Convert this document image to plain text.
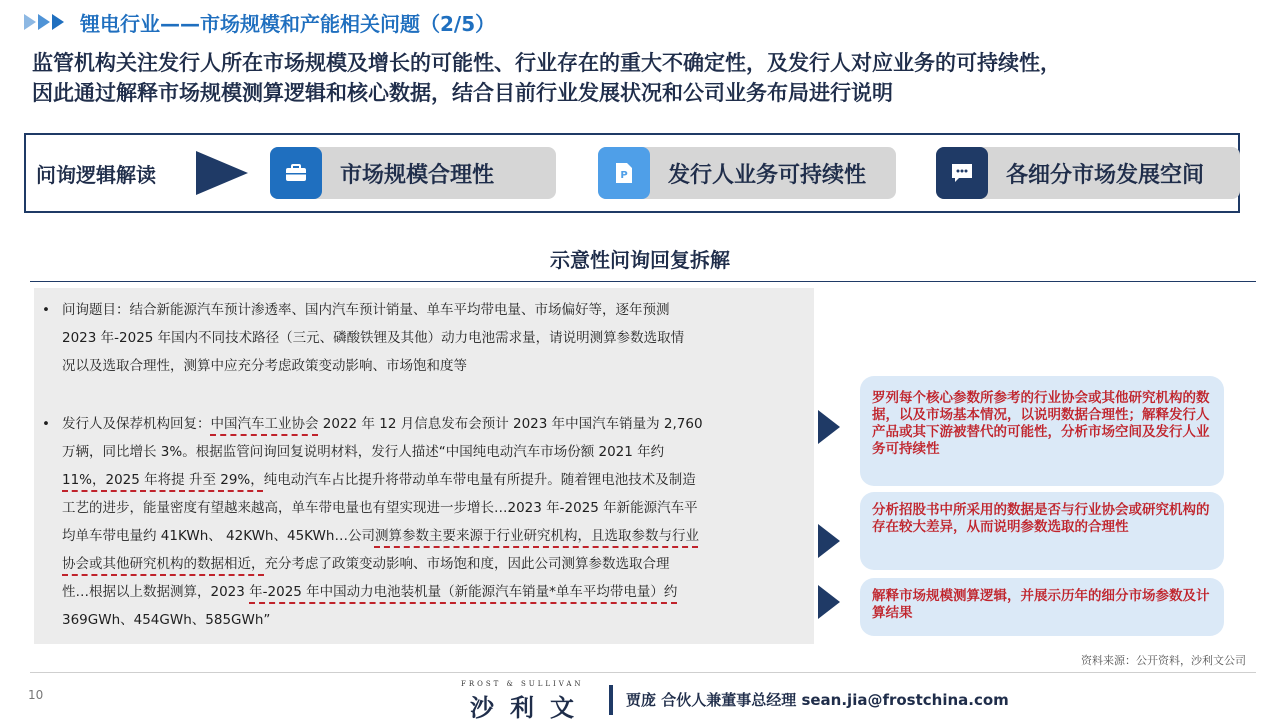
锂电行业——市场规模和产能相关问题（2/5）
监管机构关注发行人所在市场规模及增长的可能性、行业存在的重大不确定性，及发行人对应业务的可持续性，
因此通过解释市场规模测算逻辑和核心数据，结合目前行业发展状况和公司业务布局进行说明
问询逻辑解读	市场规模合理性	P 发行人业务可持续性	各细分市场发展空间
示意性问询回复拆解
• 问询题目：结合新能源汽车预计渗透率、国内汽车预计销量、单车平均带电量、市场偏好等，逐年预测
2023 年-2025 年国内不同技术路径（三元、磷酸铁锂及其他）动力电池需求量，请说明测算参数选取情
况以及选取合理性，测算中应充分考虑政策变动影响、市场饱和度等
• 发行人及保荐机构回复：中国汽车工业协会 2022 年 12 月信息发布会预计 2023 年中国汽车销量为 2,760
万辆，同比增长 3%。根据监管问询回复说明材料，发行人描述“中国纯电动汽车市场份额 2021 年约
11%，2025 年将提 升至 29%，纯电动汽车占比提升将带动单车带电量有所提升。随着锂电池技术及制造
工艺的进步，能量密度有望越来越高，单车带电量也有望实现进一步增长…2023 年-2025 年新能源汽车平
均单车带电量约 41KWh、 42KWh、45KWh…公司测算参数主要来源于行业研究机构，且选取参数与行业
协会或其他研究机构的数据相近，充分考虑了政策变动影响、市场饱和度，因此公司测算参数选取合理
性…根据以上数据测算，2023 年-2025 年中国动力电池装机量（新能源汽车销量*单车平均带电量）约
369GWh、454GWh、585GWh”
罗列每个核心参数所参考的行业协会或其他研究机构的数据，以及市场基本情况，以说明数据合理性；解释发行人产品或其下游被替代的可能性，分析市场空间及发行人业务可持续性
分析招股书中所采用的数据是否与行业协会或研究机构的存在较大差异，从而说明参数选取的合理性
解释市场规模测算逻辑，并展示历年的细分市场参数及计算结果
资料来源：公开资料，沙利文公司
10
FROST & SULLIVAN
沙利文 贾庞 合伙人兼董事总经理 sean.jia@frostchina.com
